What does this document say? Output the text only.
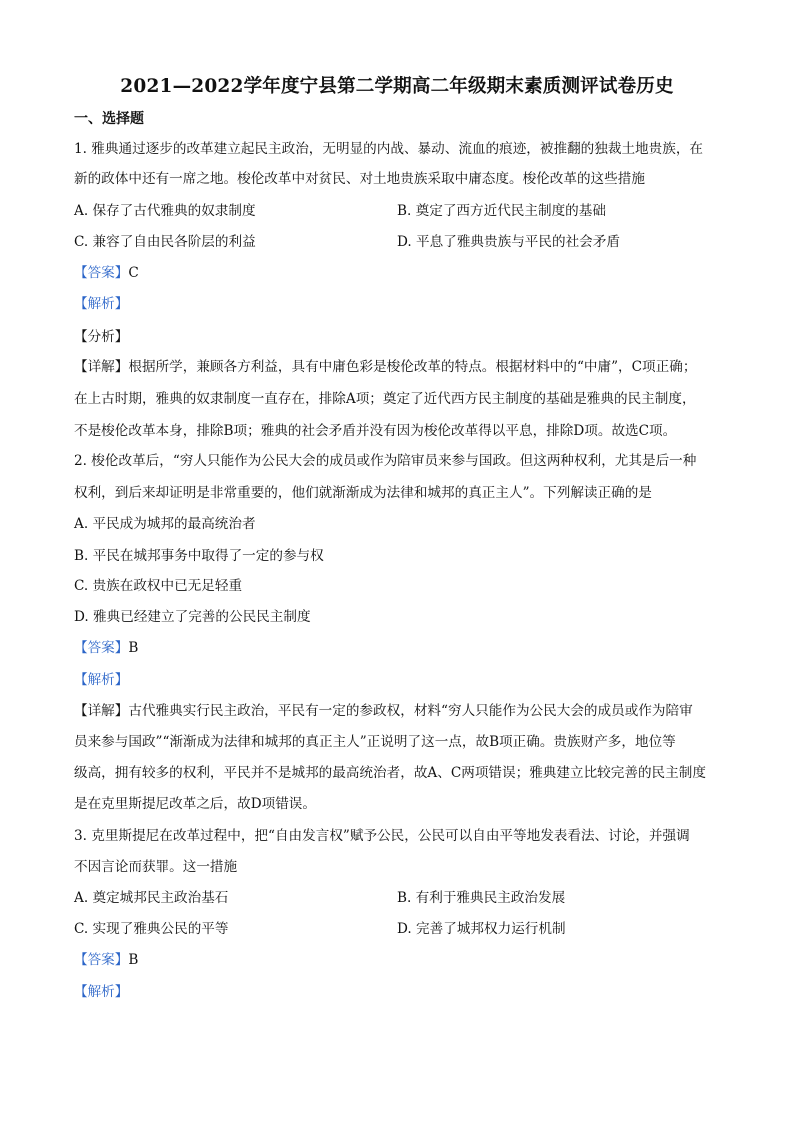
2021—2022学年度宁县第二学期高二年级期末素质测评试卷历史
一、选择题
1. 雅典通过逐步的改革建立起民主政治，无明显的内战、暴动、流血的痕迹，被推翻的独裁土地贵族，在
新的政体中还有一席之地。梭伦改革中对贫民、对土地贵族采取中庸态度。梭伦改革的这些措施
A. 保存了古代雅典的奴隶制度	B. 奠定了西方近代民主制度的基础
C. 兼容了自由民各阶层的利益	D. 平息了雅典贵族与平民的社会矛盾
【答案】C
【解析】
【分析】
【详解】根据所学，兼顾各方利益，具有中庸色彩是梭伦改革的特点。根据材料中的“中庸”，C项正确；
在上古时期，雅典的奴隶制度一直存在，排除A项；奠定了近代西方民主制度的基础是雅典的民主制度，
不是梭伦改革本身，排除B项；雅典的社会矛盾并没有因为梭伦改革得以平息，排除D项。故选C项。
2. 梭伦改革后，“穷人只能作为公民大会的成员或作为陪审员来参与国政。但这两种权利，尤其是后一种
权利，到后来却证明是非常重要的，他们就渐渐成为法律和城邦的真正主人”。下列解读正确的是
A. 平民成为城邦的最高统治者
B. 平民在城邦事务中取得了一定的参与权
C. 贵族在政权中已无足轻重
D. 雅典已经建立了完善的公民民主制度
【答案】B
【解析】
【详解】古代雅典实行民主政治，平民有一定的参政权，材料“穷人只能作为公民大会的成员或作为陪审
员来参与国政”“渐渐成为法律和城邦的真正主人”正说明了这一点，故B项正确。贵族财产多，地位等
级高，拥有较多的权利，平民并不是城邦的最高统治者，故A、C两项错误；雅典建立比较完善的民主制度
是在克里斯提尼改革之后，故D项错误。
3. 克里斯提尼在改革过程中，把“自由发言权”赋予公民，公民可以自由平等地发表看法、讨论，并强调
不因言论而获罪。这一措施
A. 奠定城邦民主政治基石	B. 有利于雅典民主政治发展
C. 实现了雅典公民的平等	D. 完善了城邦权力运行机制
【答案】B
【解析】
